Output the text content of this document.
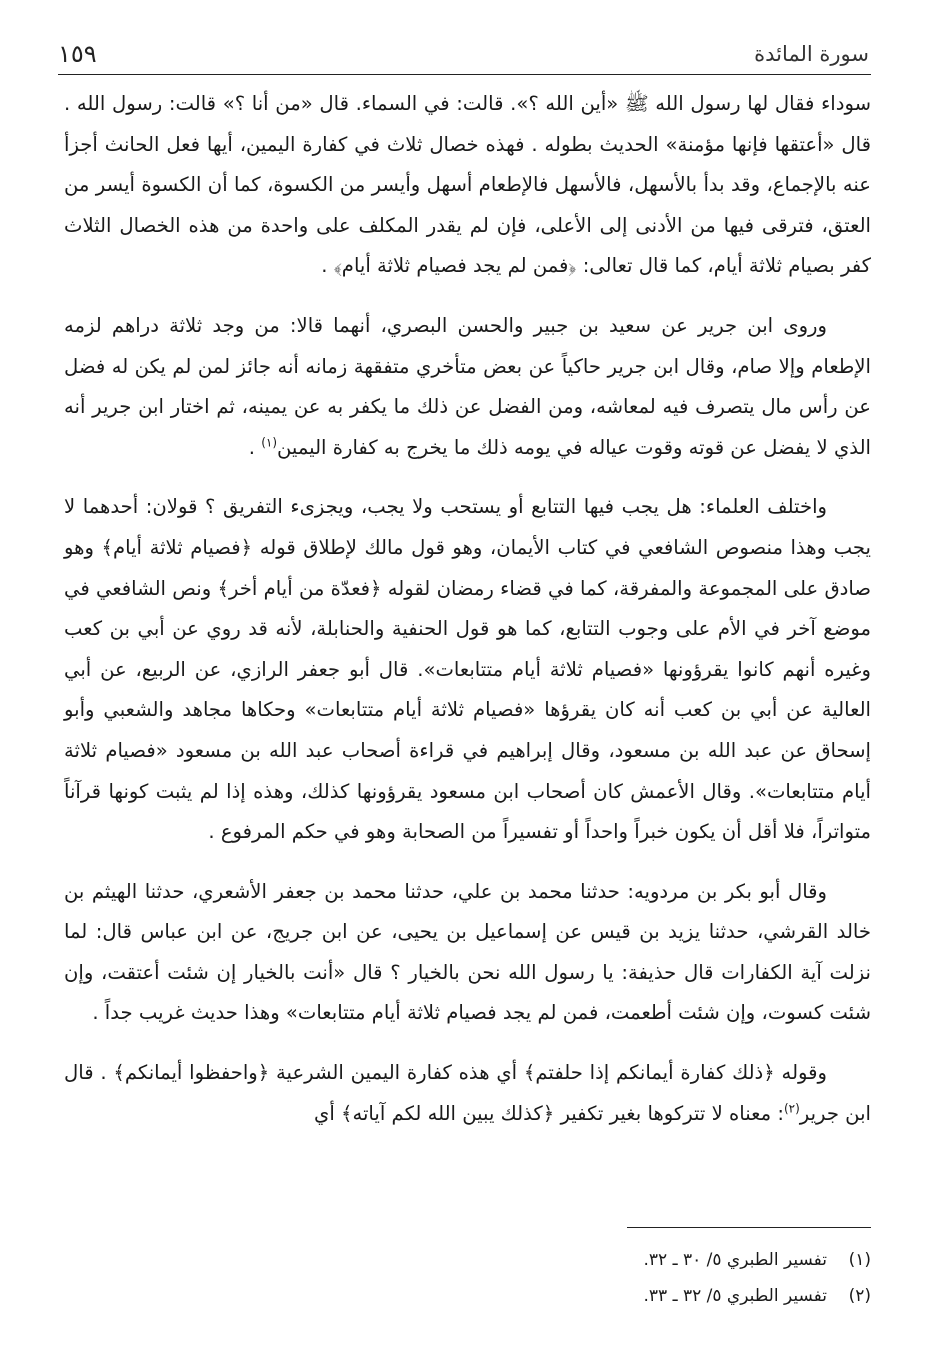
سورة المائدة
١٥٩

سوداء فقال لها رسول الله ﷺ «أين الله ؟». قالت: في السماء. قال «من أنا ؟» قالت: رسول الله . قال «أعتقها فإنها مؤمنة» الحديث بطوله . فهذه خصال ثلاث في كفارة اليمين، أيها فعل الحانث أجزأ عنه بالإجماع، وقد بدأ بالأسهل، فالأسهل فالإطعام أسهل وأيسر من الكسوة، كما أن الكسوة أيسر من العتق، فترقى فيها من الأدنى إلى الأعلى، فإن لم يقدر المكلف على واحدة من هذه الخصال الثلاث كفر بصيام ثلاثة أيام، كما قال تعالى: ﴿فمن لم يجد فصيام ثلاثة أيام﴾ .

وروى ابن جرير عن سعيد بن جبير والحسن البصري، أنهما قالا: من وجد ثلاثة دراهم لزمه الإطعام وإلا صام، وقال ابن جرير حاكياً عن بعض متأخري متفقهة زمانه أنه جائز لمن لم يكن له فضل عن رأس مال يتصرف فيه لمعاشه، ومن الفضل عن ذلك ما يكفر به عن يمينه، ثم اختار ابن جرير أنه الذي لا يفضل عن قوته وقوت عياله في يومه ذلك ما يخرج به كفارة اليمين$^{(١)}$ .

واختلف العلماء: هل يجب فيها التتابع أو يستحب ولا يجب، ويجزىء التفريق ؟ قولان: أحدهما لا يجب وهذا منصوص الشافعي في كتاب الأيمان، وهو قول مالك لإطلاق قوله ﴿فصيام ثلاثة أيام﴾ وهو صادق على المجموعة والمفرقة، كما في قضاء رمضان لقوله ﴿فعدّة من أيام أخر﴾ ونص الشافعي في موضع آخر في الأم على وجوب التتابع، كما هو قول الحنفية والحنابلة، لأنه قد روي عن أبي بن كعب وغيره أنهم كانوا يقرؤونها «فصيام ثلاثة أيام متتابعات». قال أبو جعفر الرازي، عن الربيع، عن أبي العالية عن أبي بن كعب أنه كان يقرؤها «فصيام ثلاثة أيام متتابعات» وحكاها مجاهد والشعبي وأبو إسحاق عن عبد الله بن مسعود، وقال إبراهيم في قراءة أصحاب عبد الله بن مسعود «فصيام ثلاثة أيام متتابعات». وقال الأعمش كان أصحاب ابن مسعود يقرؤونها كذلك، وهذه إذا لم يثبت كونها قرآناً متواتراً، فلا أقل أن يكون خبراً واحداً أو تفسيراً من الصحابة وهو في حكم المرفوع .

وقال أبو بكر بن مردويه: حدثنا محمد بن علي، حدثنا محمد بن جعفر الأشعري، حدثنا الهيثم بن خالد القرشي، حدثنا يزيد بن قيس عن إسماعيل بن يحيى، عن ابن جريج، عن ابن عباس قال: لما نزلت آية الكفارات قال حذيفة: يا رسول الله نحن بالخيار ؟ قال «أنت بالخيار إن شئت أعتقت، وإن شئت كسوت، وإن شئت أطعمت، فمن لم يجد فصيام ثلاثة أيام متتابعات» وهذا حديث غريب جداً .

وقوله ﴿ذلك كفارة أيمانكم إذا حلفتم﴾ أي هذه كفارة اليمين الشرعية ﴿واحفظوا أيمانكم﴾ . قال ابن جرير$^{(٢)}$: معناه لا تتركوها بغير تكفير ﴿كذلك يبين الله لكم آياته﴾ أي

(١)تفسير الطبري ٥/ ٣٠ ـ ٣٢.
(٢)تفسير الطبري ٥/ ٣٢ ـ ٣٣.
